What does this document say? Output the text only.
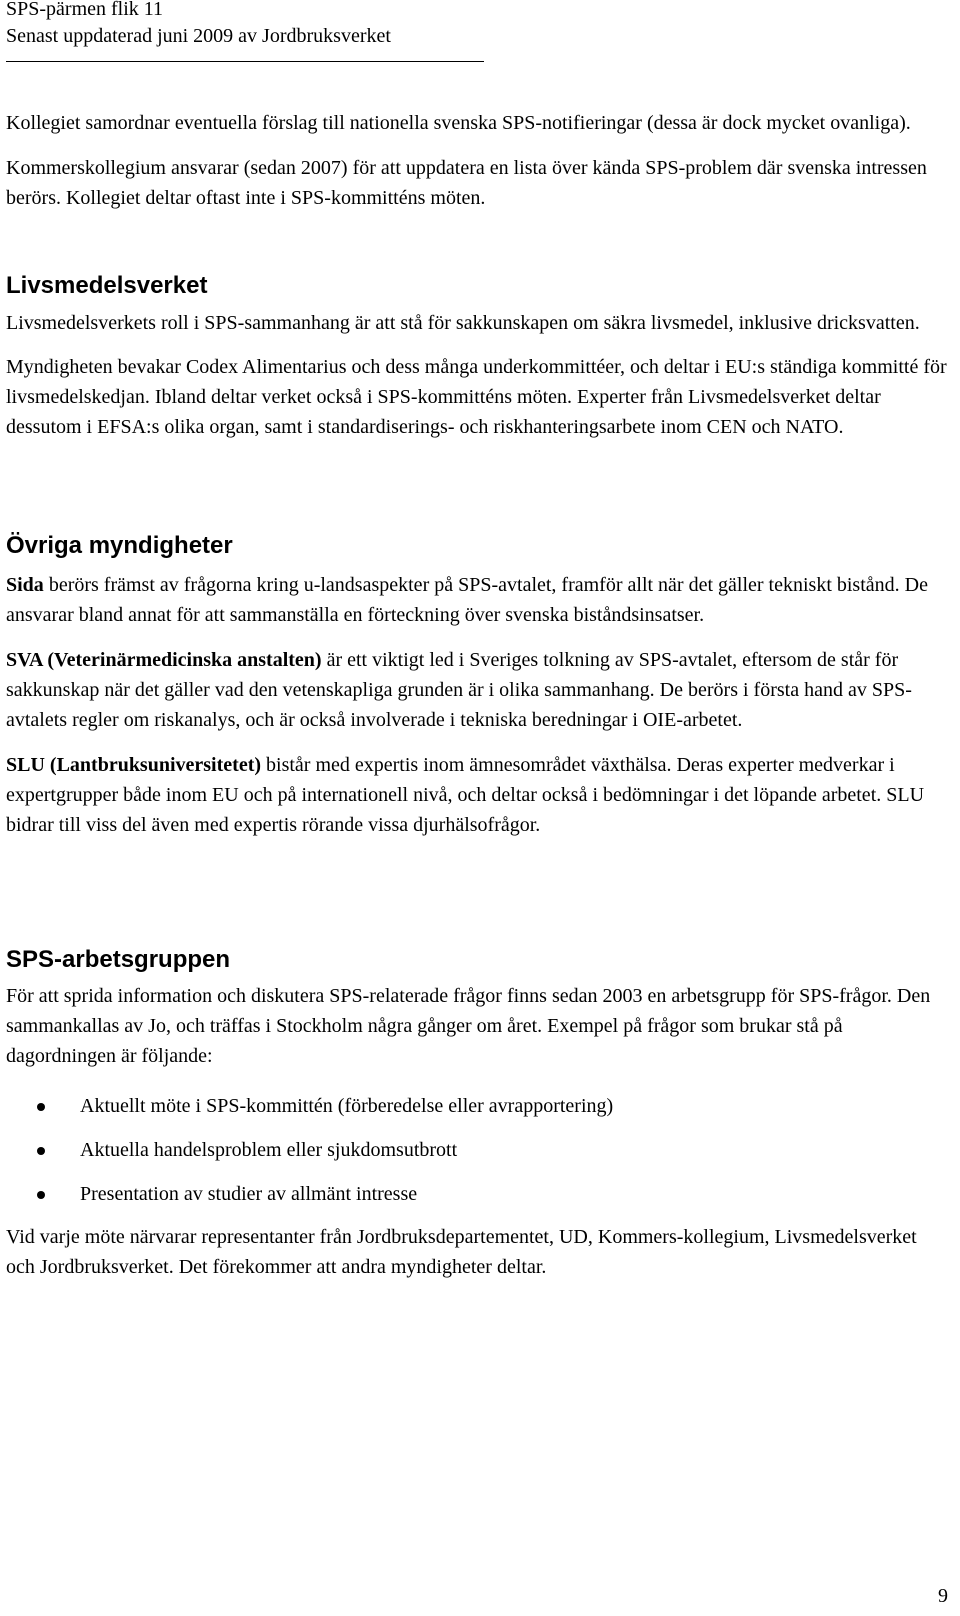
SPS-pärmen flik 11
Senast uppdaterad juni 2009 av Jordbruksverket

Kollegiet samordnar eventuella förslag till nationella svenska SPS-notifieringar (dessa är dock mycket ovanliga).

Kommerskollegium ansvarar (sedan 2007) för att uppdatera en lista över kända SPS-problem där svenska intressen berörs. Kollegiet deltar oftast inte i SPS-kommitténs möten.

Livsmedelsverket

Livsmedelsverkets roll i SPS-sammanhang är att stå för sakkunskapen om säkra livsmedel, inklusive dricksvatten.

Myndigheten bevakar Codex Alimentarius och dess många underkommittéer, och deltar i EU:s ständiga kommitté för livsmedelskedjan. Ibland deltar verket också i SPS-kommitténs möten. Experter från Livsmedelsverket deltar dessutom i EFSA:s olika organ, samt i standardiserings- och riskhanteringsarbete inom CEN och NATO.

Övriga myndigheter

Sida berörs främst av frågorna kring u-landsaspekter på SPS-avtalet, framför allt när det gäller tekniskt bistånd. De ansvarar bland annat för att sammanställa en förteckning över svenska biståndsinsatser.

SVA (Veterinärmedicinska anstalten) är ett viktigt led i Sveriges tolkning av SPS-avtalet, eftersom de står för sakkunskap när det gäller vad den vetenskapliga grunden är i olika sammanhang. De berörs i första hand av SPS-avtalets regler om riskanalys, och är också involverade i tekniska beredningar i OIE-arbetet.

SLU (Lantbruksuniversitetet) bistår med expertis inom ämnesområdet växthälsa. Deras experter medverkar i expertgrupper både inom EU och på internationell nivå, och deltar också i bedömningar i det löpande arbetet. SLU bidrar till viss del även med expertis rörande vissa djurhälsofrågor.

SPS-arbetsgruppen

För att sprida information och diskutera SPS-relaterade frågor finns sedan 2003 en arbetsgrupp för SPS-frågor. Den sammankallas av Jo, och träffas i Stockholm några gånger om året. Exempel på frågor som brukar stå på dagordningen är följande:

Aktuellt möte i SPS-kommittén (förberedelse eller avrapportering)
Aktuella handelsproblem eller sjukdomsutbrott
Presentation av studier av allmänt intresse

Vid varje möte närvarar representanter från Jordbruksdepartementet, UD, Kommers-kollegium, Livsmedelsverket och Jordbruksverket. Det förekommer att andra myndigheter deltar.

9
